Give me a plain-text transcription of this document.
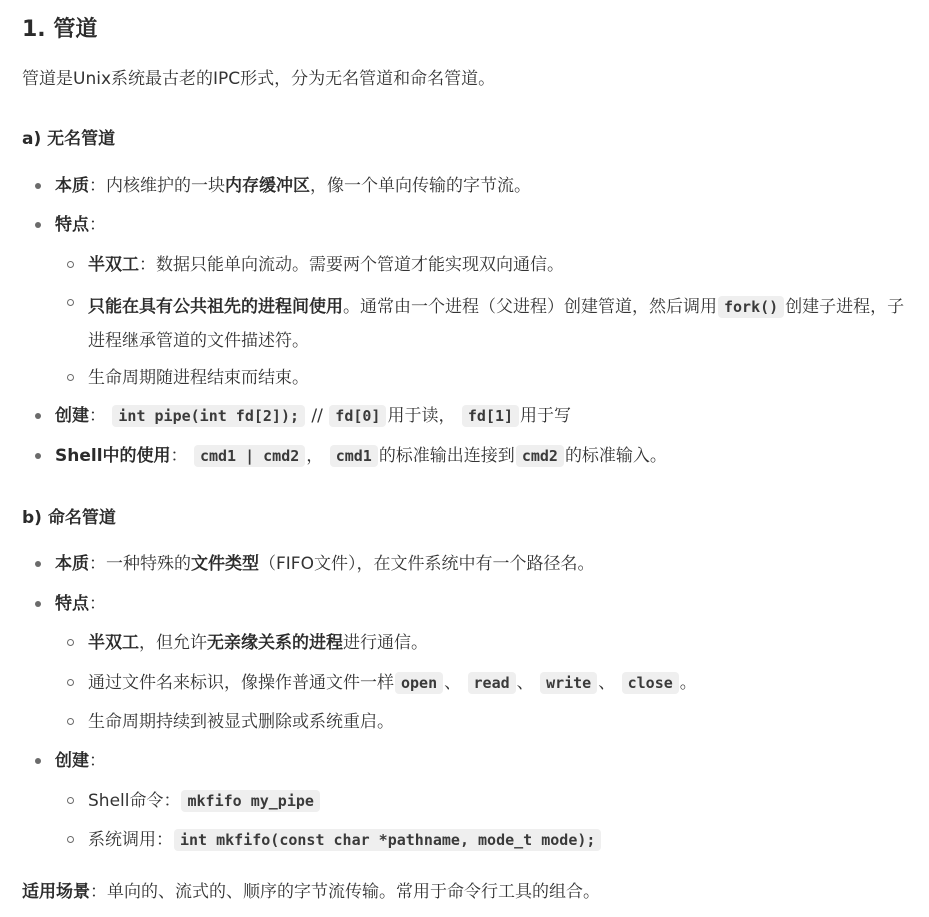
1. 管道

管道是Unix系统最古老的IPC形式，分为无名管道和命名管道。

a) 无名管道
本质：内核维护的一块内存缓冲区，像一个单向传输的字节流。
特点：
半双工：数据只能单向流动。需要两个管道才能实现双向通信。
只能在具有公共祖先的进程间使用。通常由一个进程（父进程）创建管道，然后调用 fork() 创建子进程，子进程继承管道的文件描述符。
生命周期随进程结束而结束。
创建： int pipe(int fd[2]); // fd[0] 用于读， fd[1] 用于写
Shell中的使用： cmd1 | cmd2 ， cmd1 的标准输出连接到 cmd2 的标准输入。
b) 命名管道
本质：一种特殊的文件类型（FIFO文件），在文件系统中有一个路径名。
特点：
半双工，但允许无亲缘关系的进程进行通信。
通过文件名来标识，像操作普通文件一样 open 、 read 、 write 、 close 。
生命周期持续到被显式删除或系统重启。
创建：
Shell命令： mkfifo my_pipe
系统调用： int mkfifo(const char *pathname, mode_t mode);

适用场景：单向的、流式的、顺序的字节流传输。常用于命令行工具的组合。
